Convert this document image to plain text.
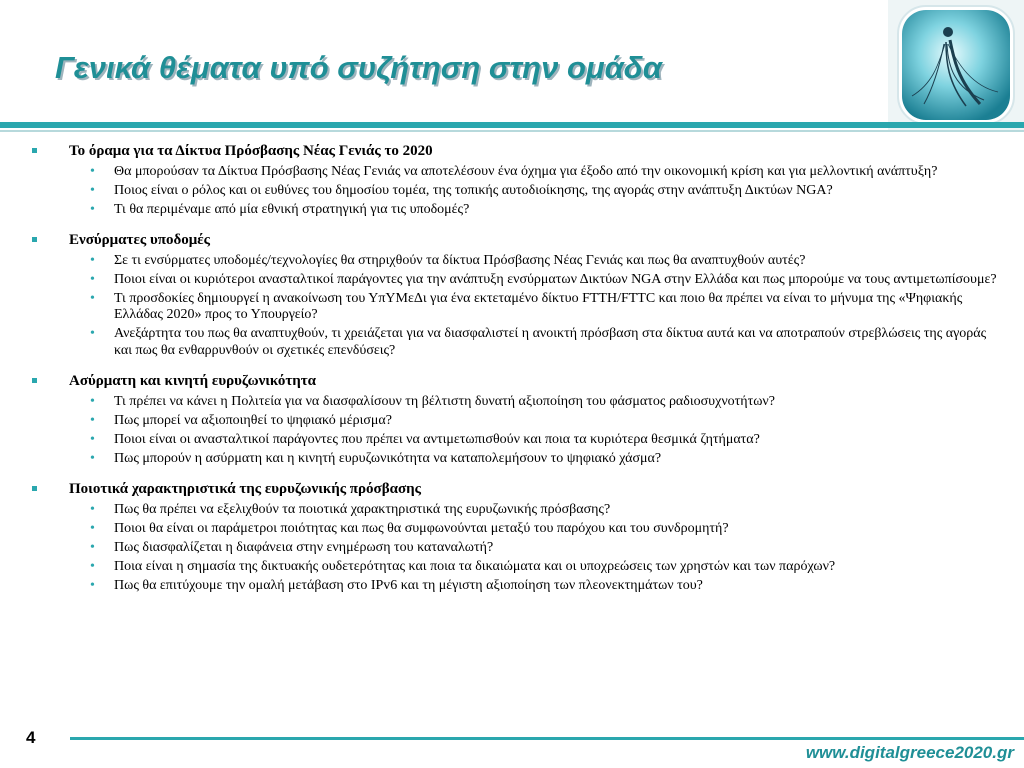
Γενικά θέματα υπό συζήτηση στην ομάδα
Το όραμα για τα Δίκτυα Πρόσβασης Νέας Γενιάς το 2020
• Θα μπορούσαν τα Δίκτυα Πρόσβασης Νέας Γενιάς να αποτελέσουν ένα όχημα για έξοδο από την οικονομική κρίση και για μελλοντική ανάπτυξη?
• Ποιος είναι ο ρόλος και οι ευθύνες του δημοσίου τομέα, της τοπικής αυτοδιοίκησης, της αγοράς στην ανάπτυξη Δικτύων NGA?
• Τι θα περιμέναμε από μία εθνική στρατηγική για τις υποδομές?
Ενσύρματες υποδομές
• Σε τι ενσύρματες υποδομές/τεχνολογίες θα στηριχθούν τα δίκτυα Πρόσβασης Νέας Γενιάς και πως θα αναπτυχθούν αυτές?
• Ποιοι είναι οι κυριότεροι ανασταλτικοί παράγοντες για την ανάπτυξη ενσύρματων Δικτύων NGA στην Ελλάδα και πως μπορούμε να τους αντιμετωπίσουμε?
• Τι προσδοκίες δημιουργεί η ανακοίνωση του ΥπΥΜεΔι για ένα εκτεταμένο δίκτυο FTTH/FTTC και ποιο θα πρέπει να είναι το μήνυμα της «Ψηφιακής Ελλάδας 2020» προς το Υπουργείο?
• Ανεξάρτητα του πως θα αναπτυχθούν, τι χρειάζεται για να διασφαλιστεί η ανοικτή πρόσβαση στα δίκτυα αυτά και να αποτραπούν στρεβλώσεις της αγοράς και πως θα ενθαρρυνθούν οι σχετικές επενδύσεις?
Ασύρματη και κινητή ευρυζωνικότητα
• Τι πρέπει να κάνει η Πολιτεία για να διασφαλίσουν τη βέλτιστη δυνατή αξιοποίηση του φάσματος ραδιοσυχνοτήτων?
• Πως μπορεί να αξιοποιηθεί το ψηφιακό μέρισμα?
• Ποιοι είναι οι ανασταλτικοί παράγοντες που πρέπει να αντιμετωπισθούν και ποια τα κυριότερα θεσμικά ζητήματα?
• Πως μπορούν η ασύρματη και η κινητή ευρυζωνικότητα να καταπολεμήσουν το ψηφιακό χάσμα?
Ποιοτικά χαρακτηριστικά της ευρυζωνικής πρόσβασης
• Πως θα πρέπει να εξελιχθούν τα ποιοτικά χαρακτηριστικά της ευρυζωνικής πρόσβασης?
• Ποιοι θα είναι οι παράμετροι ποιότητας και πως θα συμφωνούνται μεταξύ του παρόχου και του συνδρομητή?
• Πως διασφαλίζεται η διαφάνεια στην ενημέρωση του καταναλωτή?
• Ποια είναι η σημασία της δικτυακής ουδετερότητας και ποια τα δικαιώματα και οι υποχρεώσεις των χρηστών και των παρόχων?
• Πως θα επιτύχουμε την ομαλή μετάβαση στο IPv6 και τη μέγιστη αξιοποίηση των πλεονεκτημάτων του?
4
www.digitalgreece2020.gr
